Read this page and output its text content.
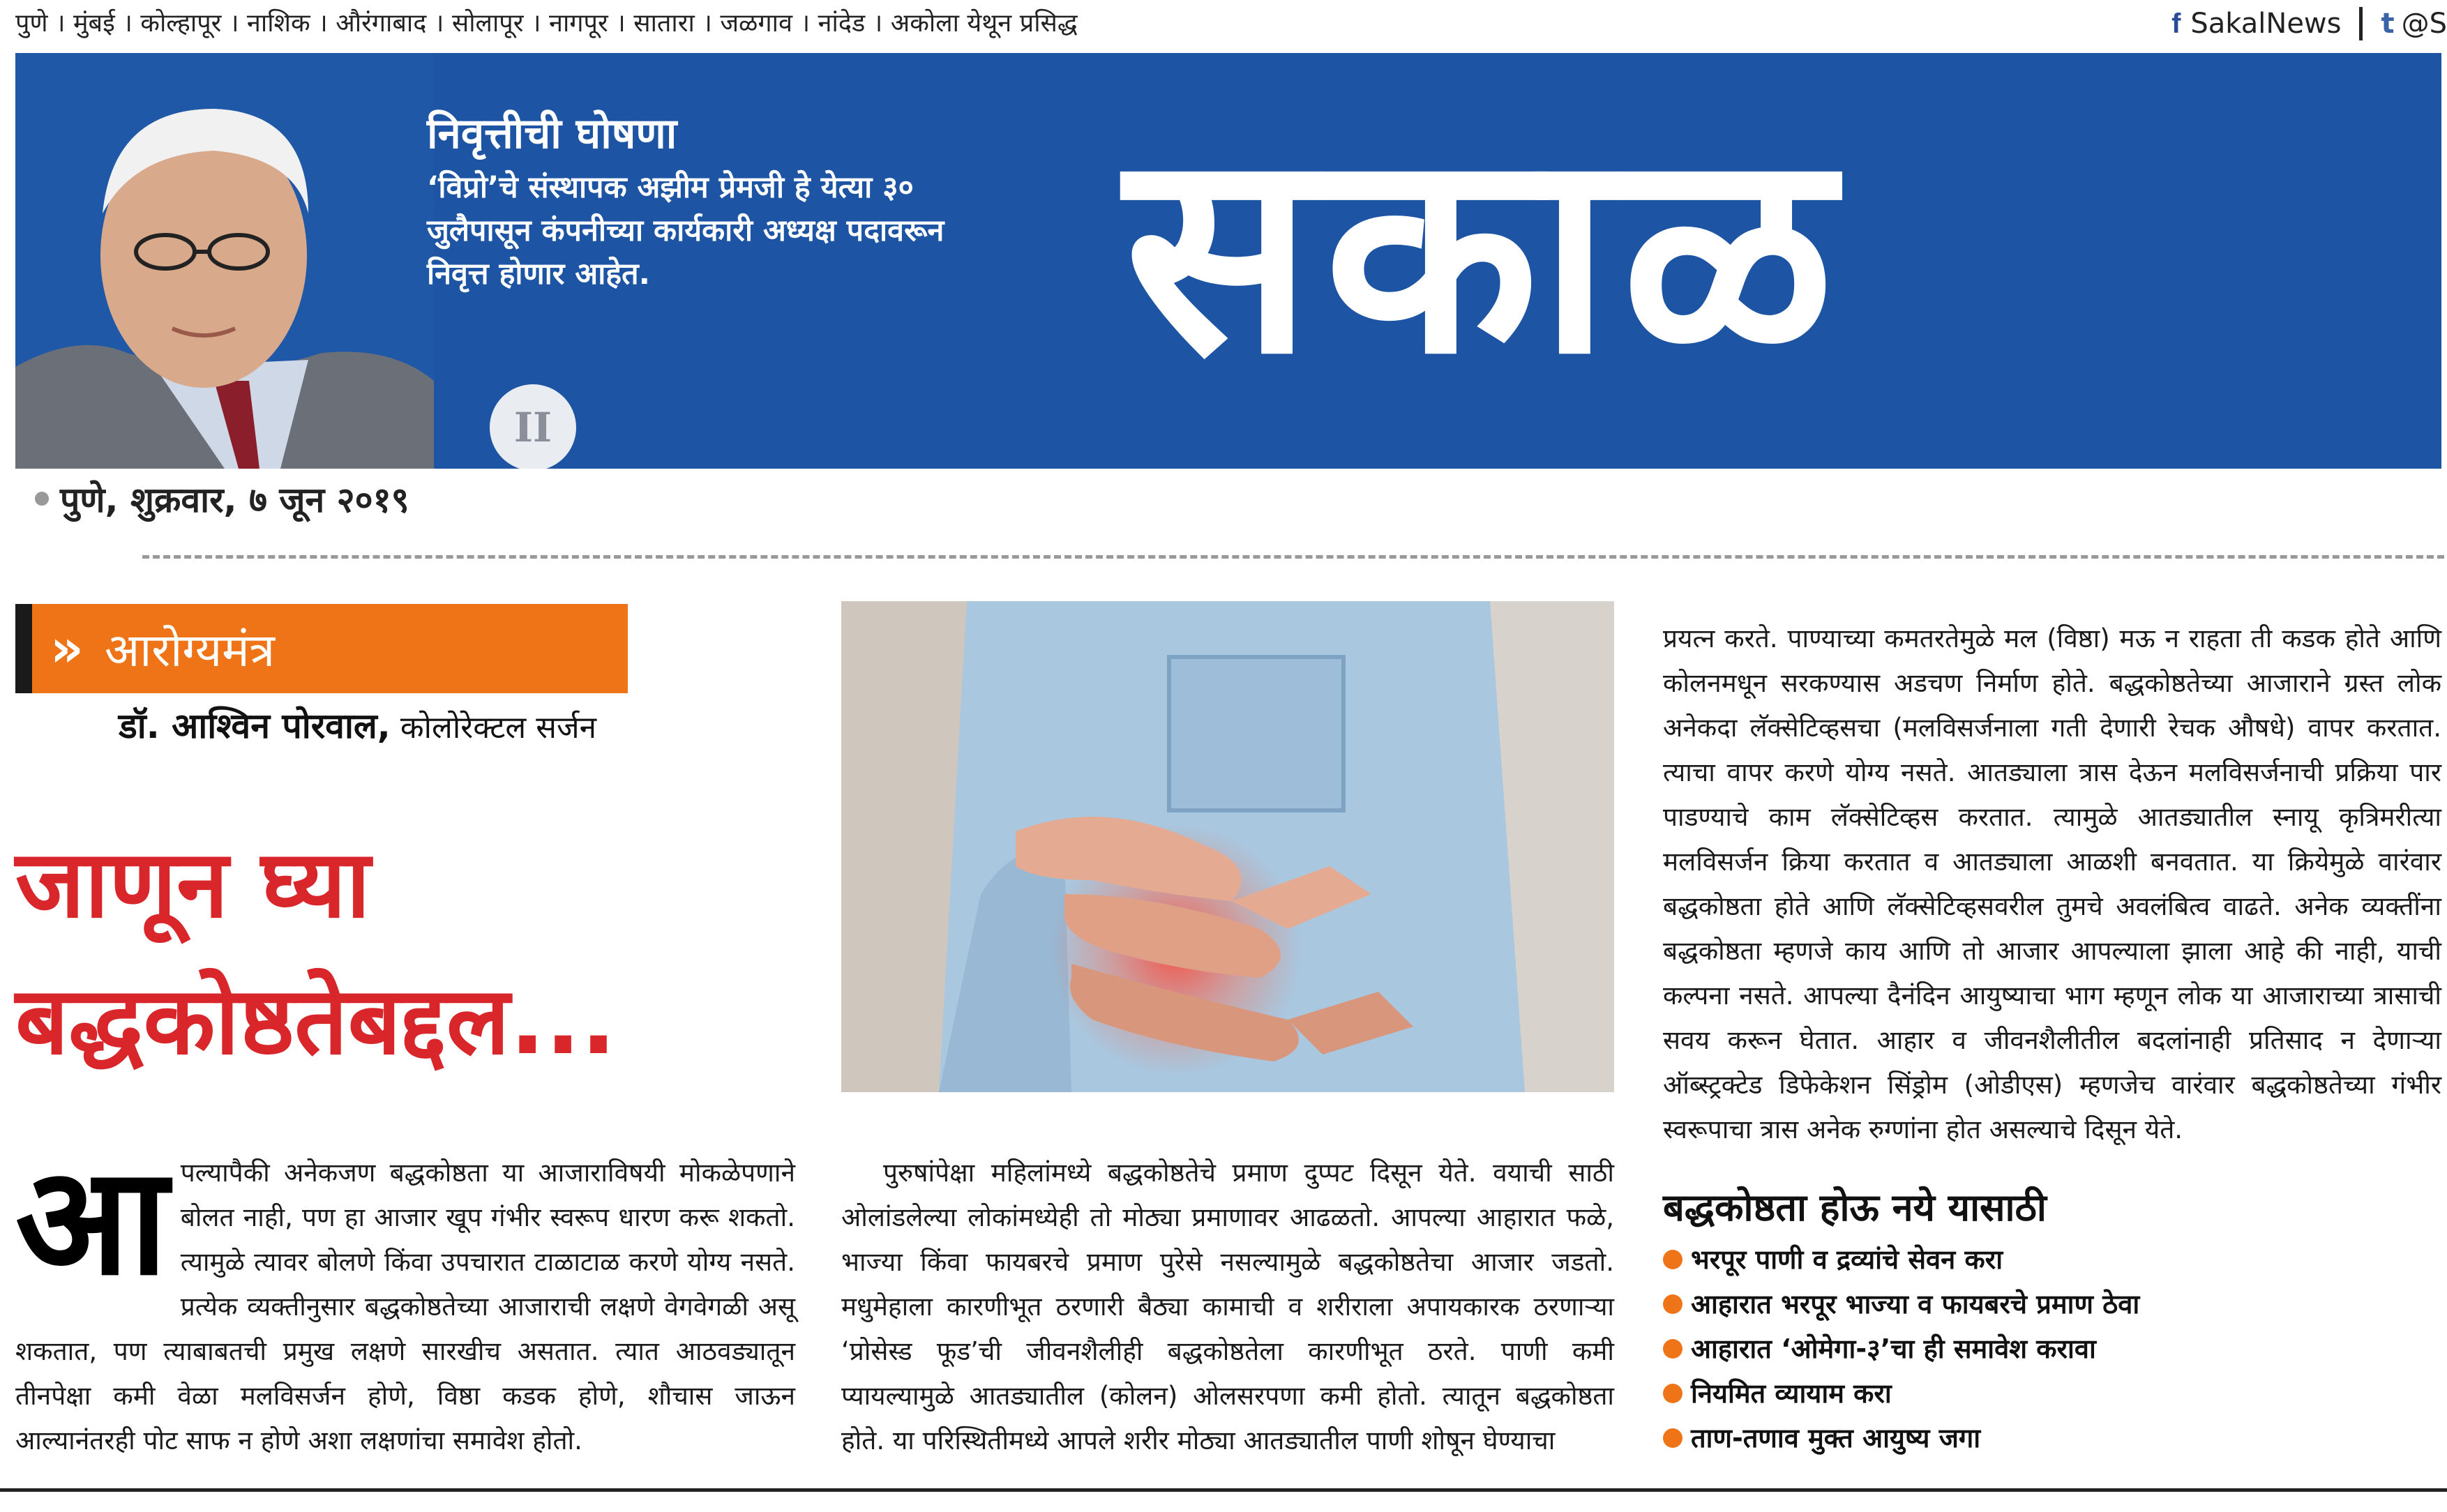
पुणे । मुंबई । कोल्हापूर । नाशिक । औरंगाबाद । सोलापूर । नागपूर । सातारा । जळगाव । नांदेड । अकोला येथून प्रसिद्ध	f SakalNews t @S
निवृत्तीची घोषणा
‘विप्रो’चे संस्थापक अझीम प्रेमजी हे येत्या ३० जुलैपासून कंपनीच्या कार्यकारी अध्यक्ष पदावरून निवृत्त होणार आहेत.
II
सकाळ
पुणे, शुक्रवार, ७ जून २०१९
» आरोग्यमंत्र
डॉ. आश्विन पोरवाल, कोलोरेक्टल सर्जन
जाणून घ्या बद्धकोष्ठतेबद्दल...
आ पल्यापैकी अनेकजण बद्धकोष्ठता या आजाराविषयी मोकळेपणाने बोलत नाही, पण हा आजार खूप गंभीर स्वरूप धारण करू शकतो. त्यामुळे त्यावर बोलणे किंवा उपचारात टाळाटाळ करणे योग्य नसते. प्रत्येक व्यक्तीनुसार बद्धकोष्ठतेच्या आजाराची लक्षणे वेगवेगळी असू शकतात, पण त्याबाबतची प्रमुख लक्षणे सारखीच असतात. त्यात आठवड्यातून तीनपेक्षा कमी वेळा मलविसर्जन होणे, विष्ठा कडक होणे, शौचास जाऊन आल्यानंतरही पोट साफ न होणे अशा लक्षणांचा समावेश होतो.
पुरुषांपेक्षा महिलांमध्ये बद्धकोष्ठतेचे प्रमाण दुप्पट दिसून येते. वयाची साठी ओलांडलेल्या लोकांमध्येही तो मोठ्या प्रमाणावर आढळतो. आपल्या आहारात फळे, भाज्या किंवा फायबरचे प्रमाण पुरेसे नसल्यामुळे बद्धकोष्ठतेचा आजार जडतो. मधुमेहाला कारणीभूत ठरणारी बैठ्या कामाची व शरीराला अपायकारक ठरणाऱ्या ‘प्रोसेस्ड फूड’ची जीवनशैलीही बद्धकोष्ठतेला कारणीभूत ठरते. पाणी कमी प्यायल्यामुळे आतड्यातील (कोलन) ओलसरपणा कमी होतो. त्यातून बद्धकोष्ठता होते. या परिस्थितीमध्ये आपले शरीर मोठ्या आतड्यातील पाणी शोषून घेण्याचा
प्रयत्न करते. पाण्याच्या कमतरतेमुळे मल (विष्ठा) मऊ न राहता ती कडक होते आणि कोलनमधून सरकण्यास अडचण निर्माण होते. बद्धकोष्ठतेच्या आजाराने ग्रस्त लोक अनेकदा लॅक्सेटिव्हसचा (मलविसर्जनाला गती देणारी रेचक औषधे) वापर करतात. त्याचा वापर करणे योग्य नसते. आतड्याला त्रास देऊन मलविसर्जनाची प्रक्रिया पार पाडण्याचे काम लॅक्सेटिव्हस करतात. त्यामुळे आतड्यातील स्नायू कृत्रिमरीत्या मलविसर्जन क्रिया करतात व आतड्याला आळशी बनवतात. या क्रियेमुळे वारंवार बद्धकोष्ठता होते आणि लॅक्सेटिव्हसवरील तुमचे अवलंबित्व वाढते. अनेक व्यक्तींना बद्धकोष्ठता म्हणजे काय आणि तो आजार आपल्याला झाला आहे की नाही, याची कल्पना नसते. आपल्या दैनंदिन आयुष्याचा भाग म्हणून लोक या आजाराच्या त्रासाची सवय करून घेतात. आहार व जीवनशैलीतील बदलांनाही प्रतिसाद न देणाऱ्या ऑब्स्ट्रक्टेड डिफेकेशन सिंड्रोम (ओडीएस) म्हणजेच वारंवार बद्धकोष्ठतेच्या गंभीर स्वरूपाचा त्रास अनेक रुग्णांना होत असल्याचे दिसून येते.
बद्धकोष्ठता होऊ नये यासाठी
भरपूर पाणी व द्रव्यांचे सेवन करा
आहारात भरपूर भाज्या व फायबरचे प्रमाण ठेवा
आहारात ‘ओमेगा-३’चा ही समावेश करावा
नियमित व्यायाम करा
ताण-तणाव मुक्त आयुष्य जगा
